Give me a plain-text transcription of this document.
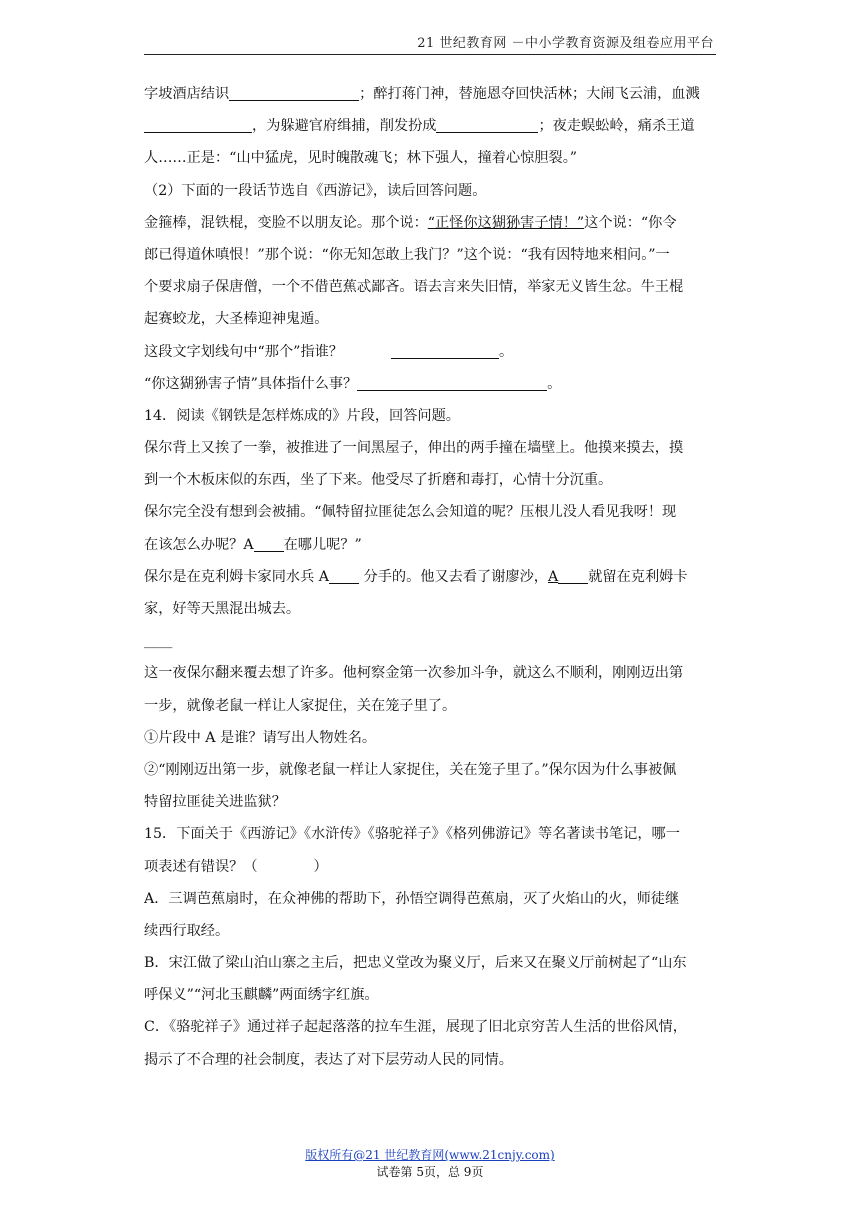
21 世纪教育网 －中小学教育资源及组卷应用平台
字坡酒店结识	；醉打蒋门神，替施恩夺回快活林；大闹飞云浦，血溅
，为躲避官府缉捕，削发扮成	；夜走蜈蚣岭，痛杀王道
人……正是：“山中猛虎，见时魄散魂飞；林下强人，撞着心惊胆裂。”
（2）下面的一段话节选自《西游记》，读后回答问题。
金箍棒，混铁棍，变脸不以朋友论。那个说：“正怪你这猢狲害子情！”这个说：“你令
郎已得道休嗔恨！”那个说：“你无知怎敢上我门？”这个说：“我有因特地来相问。”一
个要求扇子保唐僧，一个不借芭蕉忒鄙吝。语去言来失旧情，举家无义皆生忿。牛王棍
起赛蛟龙，大圣棒迎神鬼遁。
这段文字划线句中“那个”指谁？	。
“你这猢狲害子情”具体指什么事？	。
14．阅读《钢铁是怎样炼成的》片段，回答问题。
保尔背上又挨了一拳，被推进了一间黑屋子，伸出的两手撞在墙壁上。他摸来摸去，摸
到一个木板床似的东西，坐了下来。他受尽了折磨和毒打，心情十分沉重。
保尔完全没有想到会被捕。“佩特留拉匪徒怎么会知道的呢？压根儿没人看见我呀！现
在该怎么办呢？A 在哪儿呢？”
保尔是在克利姆卡家同水兵 A 分手的。他又去看了谢廖沙，A 就留在克利姆卡
家，好等天黑混出城去。
____
这一夜保尔翻来覆去想了许多。他柯察金第一次参加斗争，就这么不顺利，刚刚迈出第
一步，就像老鼠一样让人家捉住，关在笼子里了。
①片段中 A 是谁？请写出人物姓名。
②“刚刚迈出第一步，就像老鼠一样让人家捉住，关在笼子里了。”保尔因为什么事被佩
特留拉匪徒关进监狱？
15．下面关于《西游记》《水浒传》《骆驼祥子》《格列佛游记》等名著读书笔记，哪一
项表述有错误？（	）
A．三调芭蕉扇时，在众神佛的帮助下，孙悟空调得芭蕉扇，灭了火焰山的火，师徒继
续西行取经。
B．宋江做了梁山泊山寨之主后，把忠义堂改为聚义厅，后来又在聚义厅前树起了“山东
呼保义”“河北玉麒麟”两面绣字红旗。
C．《骆驼祥子》通过祥子起起落落的拉车生涯，展现了旧北京穷苦人生活的世俗风情，
揭示了不合理的社会制度，表达了对下层劳动人民的同情。
版权所有@21 世纪教育网(www.21cnjy.com)
试卷第 5页，总 9页
